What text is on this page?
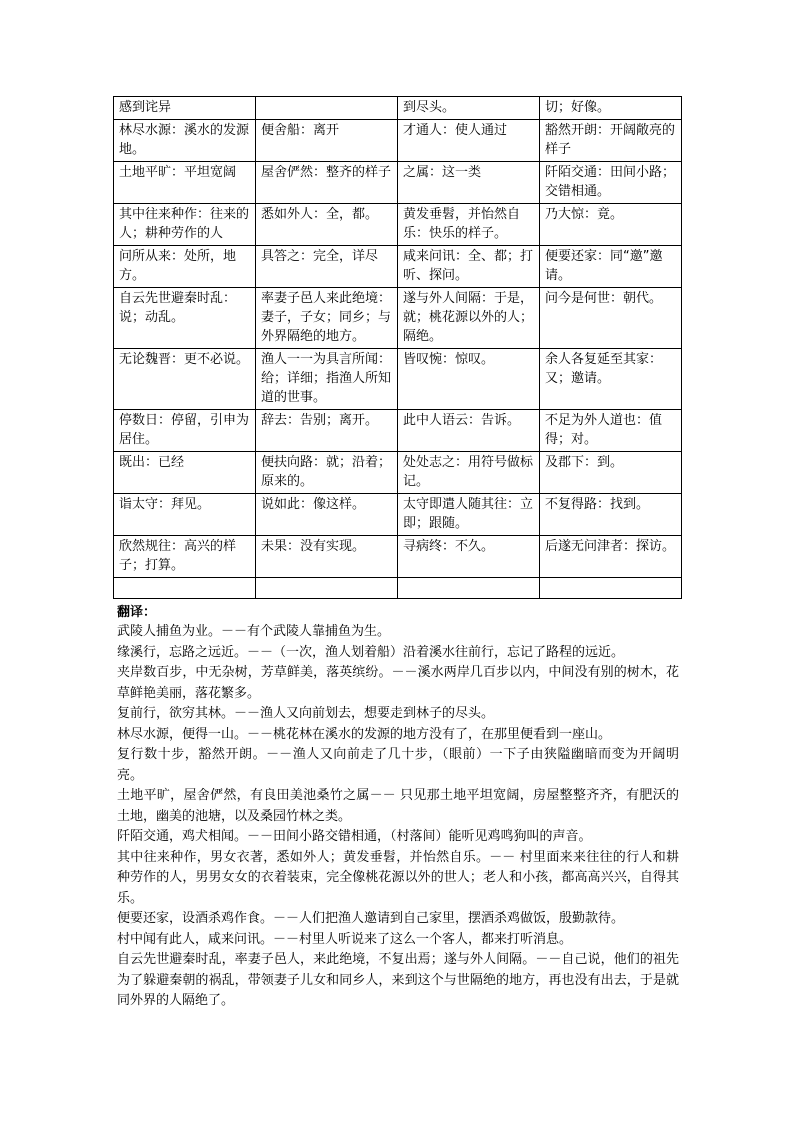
感到诧异		到尽头。	切；好像。
林尽水源：溪水的发源地。	便舍船：离开	才通人：使人通过	豁然开朗：开阔敞亮的样子
土地平旷：平坦宽阔	屋舍俨然：整齐的样子	之属：这一类	阡陌交通：田间小路；交错相通。
其中往来种作：往来的人；耕种劳作的人	悉如外人：全，都。	黄发垂髫，并怡然自乐：快乐的样子。	乃大惊：竟。
问所从来：处所，地方。	具答之：完全，详尽	咸来问讯：全、都；打听、探问。	便要还家：同“邀”邀请。
自云先世避秦时乱：说；动乱。	率妻子邑人来此绝境：妻子，子女；同乡；与外界隔绝的地方。	遂与外人间隔：于是，就；桃花源以外的人；隔绝。	问今是何世：朝代。
无论魏晋：更不必说。	渔人一一为具言所闻：给；详细；指渔人所知道的世事。	皆叹惋：惊叹。	余人各复延至其家：又；邀请。
停数日：停留，引申为居住。	辞去：告别；离开。	此中人语云：告诉。	不足为外人道也：值得；对。
既出：已经	便扶向路：就；沿着；原来的。	处处志之：用符号做标记。	及郡下：到。
诣太守：拜见。	说如此：像这样。	太守即遣人随其往：立即；跟随。	不复得路：找到。
欣然规往：高兴的样子；打算。	未果：没有实现。	寻病终：不久。	后遂无问津者：探访。

翻译：

武陵人捕鱼为业。－－有个武陵人靠捕鱼为生。

缘溪行，忘路之远近。－－（一次，渔人划着船）沿着溪水往前行，忘记了路程的远近。

夹岸数百步，中无杂树，芳草鲜美，落英缤纷。－－溪水两岸几百步以内，中间没有别的树木，花草鲜艳美丽，落花繁多。

复前行，欲穷其林。－－渔人又向前划去，想要走到林子的尽头。

林尽水源，便得一山。－－桃花林在溪水的发源的地方没有了，在那里便看到一座山。

复行数十步，豁然开朗。－－渔人又向前走了几十步，（眼前）一下子由狭隘幽暗而变为开阔明亮。

土地平旷，屋舍俨然，有良田美池桑竹之属－－ 只见那土地平坦宽阔，房屋整整齐齐，有肥沃的土地，幽美的池塘，以及桑园竹林之类。

阡陌交通，鸡犬相闻。－－田间小路交错相通，（村落间）能听见鸡鸣狗叫的声音。

其中往来种作，男女衣著，悉如外人；黄发垂髫，并怡然自乐。－－ 村里面来来往往的行人和耕种劳作的人，男男女女的衣着装束，完全像桃花源以外的世人；老人和小孩，都高高兴兴，自得其乐。

便要还家，设酒杀鸡作食。－－人们把渔人邀请到自己家里，摆酒杀鸡做饭，殷勤款待。

村中闻有此人，咸来问讯。－－村里人听说来了这么一个客人，都来打听消息。

自云先世避秦时乱，率妻子邑人，来此绝境，不复出焉；遂与外人间隔。－－自己说，他们的祖先为了躲避秦朝的祸乱，带领妻子儿女和同乡人，来到这个与世隔绝的地方，再也没有出去，于是就同外界的人隔绝了。
